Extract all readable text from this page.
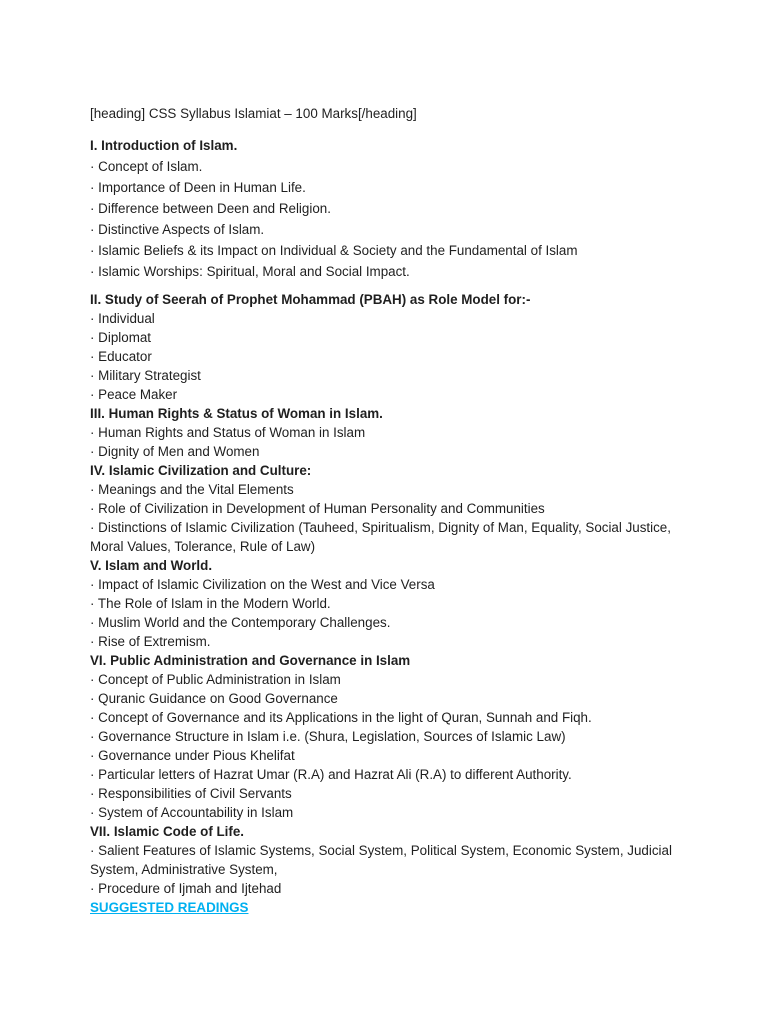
[heading] CSS Syllabus Islamiat – 100 Marks[/heading]
I. Introduction of Islam.
· Concept of Islam.
· Importance of Deen in Human Life.
· Difference between Deen and Religion.
· Distinctive Aspects of Islam.
· Islamic Beliefs & its Impact on Individual & Society and the Fundamental of Islam
· Islamic Worships: Spiritual, Moral and Social Impact.
II. Study of Seerah of Prophet Mohammad (PBAH) as Role Model for:-
· Individual
· Diplomat
· Educator
· Military Strategist
· Peace Maker
III. Human Rights & Status of Woman in Islam.
· Human Rights and Status of Woman in Islam
· Dignity of Men and Women
IV. Islamic Civilization and Culture:
· Meanings and the Vital Elements
· Role of Civilization in Development of Human Personality and Communities
· Distinctions of Islamic Civilization (Tauheed, Spiritualism, Dignity of Man, Equality, Social Justice, Moral Values, Tolerance, Rule of Law)
V. Islam and World.
· Impact of Islamic Civilization on the West and Vice Versa
· The Role of Islam in the Modern World.
· Muslim World and the Contemporary Challenges.
· Rise of Extremism.
VI. Public Administration and Governance in Islam
· Concept of Public Administration in Islam
· Quranic Guidance on Good Governance
· Concept of Governance and its Applications in the light of Quran, Sunnah and Fiqh.
· Governance Structure in Islam i.e. (Shura, Legislation, Sources of Islamic Law)
· Governance under Pious Khelifat
· Particular letters of Hazrat Umar (R.A) and Hazrat Ali (R.A) to different Authority.
· Responsibilities of Civil Servants
· System of Accountability in Islam
VII. Islamic Code of Life.
· Salient Features of Islamic Systems, Social System, Political System, Economic System, Judicial System, Administrative System,
· Procedure of Ijmah and Ijtehad
SUGGESTED READINGS
